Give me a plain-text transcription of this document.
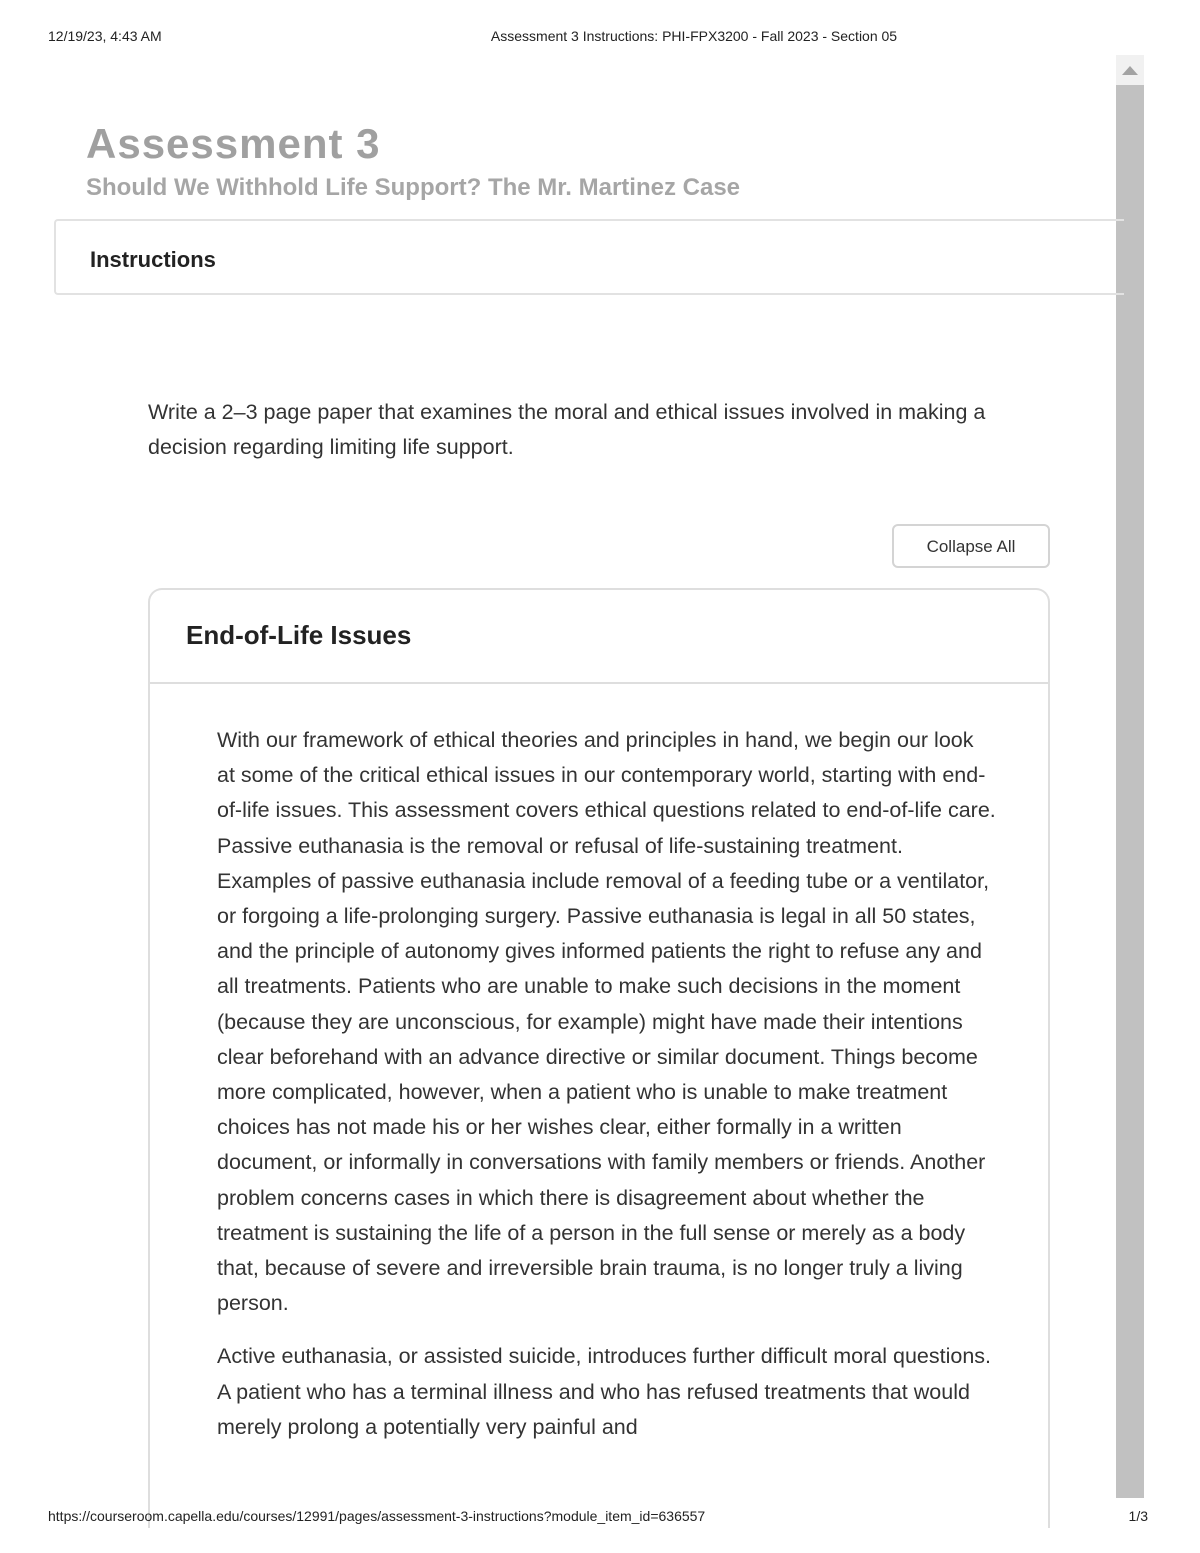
12/19/23, 4:43 AM	Assessment 3 Instructions: PHI-FPX3200 - Fall 2023 - Section 05
Assessment 3
Should We Withhold Life Support? The Mr. Martinez Case
Instructions

Write a 2–3 page paper that examines the moral and ethical issues involved in making a decision regarding limiting life support.

Collapse All
End-of-Life Issues

With our framework of ethical theories and principles in hand, we begin our look at some of the critical ethical issues in our contemporary world, starting with end-of-life issues. This assessment covers ethical questions related to end-of-life care. Passive euthanasia is the removal or refusal of life-sustaining treatment. Examples of passive euthanasia include removal of a feeding tube or a ventilator, or forgoing a life-prolonging surgery. Passive euthanasia is legal in all 50 states, and the principle of autonomy gives informed patients the right to refuse any and all treatments. Patients who are unable to make such decisions in the moment (because they are unconscious, for example) might have made their intentions clear beforehand with an advance directive or similar document. Things become more complicated, however, when a patient who is unable to make treatment choices has not made his or her wishes clear, either formally in a written document, or informally in conversations with family members or friends. Another problem concerns cases in which there is disagreement about whether the treatment is sustaining the life of a person in the full sense or merely as a body that, because of severe and irreversible brain trauma, is no longer truly a living person.

Active euthanasia, or assisted suicide, introduces further difficult moral questions. A patient who has a terminal illness and who has refused treatments that would merely prolong a potentially very painful and

https://courseroom.capella.edu/courses/12991/pages/assessment-3-instructions?module_item_id=636557	1/3
